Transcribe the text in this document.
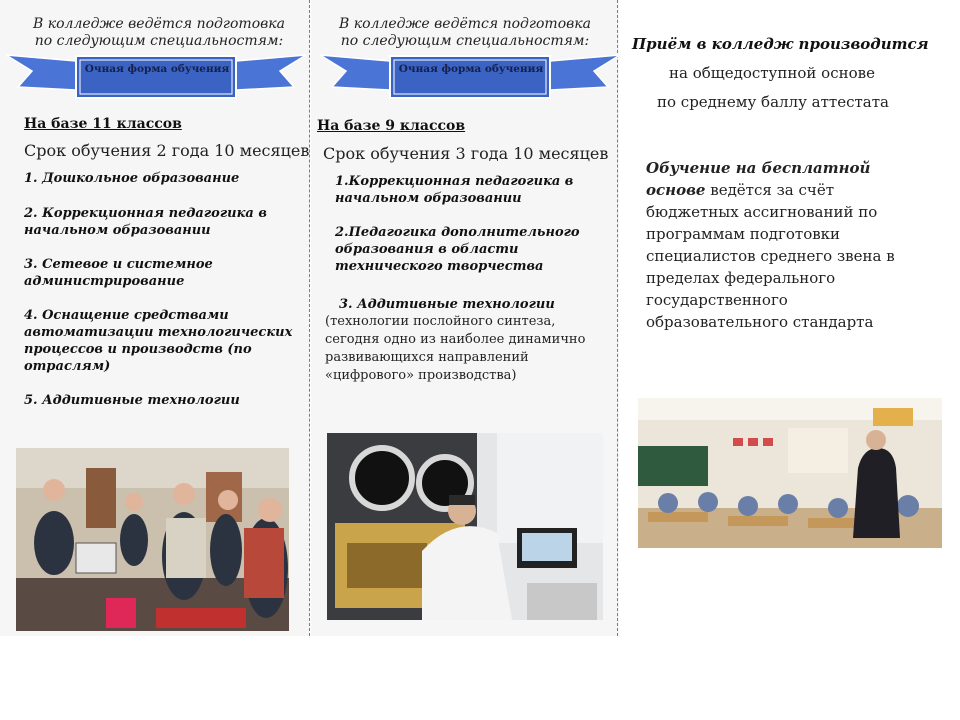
В колледже ведётся подготовка по следующим специальностям:
Очная форма обучения
На базе 11 классов
Срок обучения 2 года 10 месяцев
1. Дошкольное образование
2. Коррекционная педагогика в начальном образовании
3. Сетевое и системное администрирование
4. Оснащение средствами автоматизации технологических процессов и производств (по отраслям)
5. Аддитивные технологии
В колледже ведётся подготовка по следующим специальностям:
Очная форма обучения
На базе 9 классов
Срок обучения 3 года 10 месяцев
1.Коррекционная педагогика в начальном образовании
2.Педагогика дополнительного образования в области технического творчества
3. Аддитивные технологии
(технологии послойного синтеза, сегодня одно из наиболее динамично развивающихся направлений «цифрового» производства)
Приём в колледж производится
на общедоступной основе
по среднему баллу аттестата
Обучение на бесплатной основе ведётся за счёт бюджетных ассигнований по программам подготовки специалистов среднего звена в пределах федерального государственного образовательного стандарта
